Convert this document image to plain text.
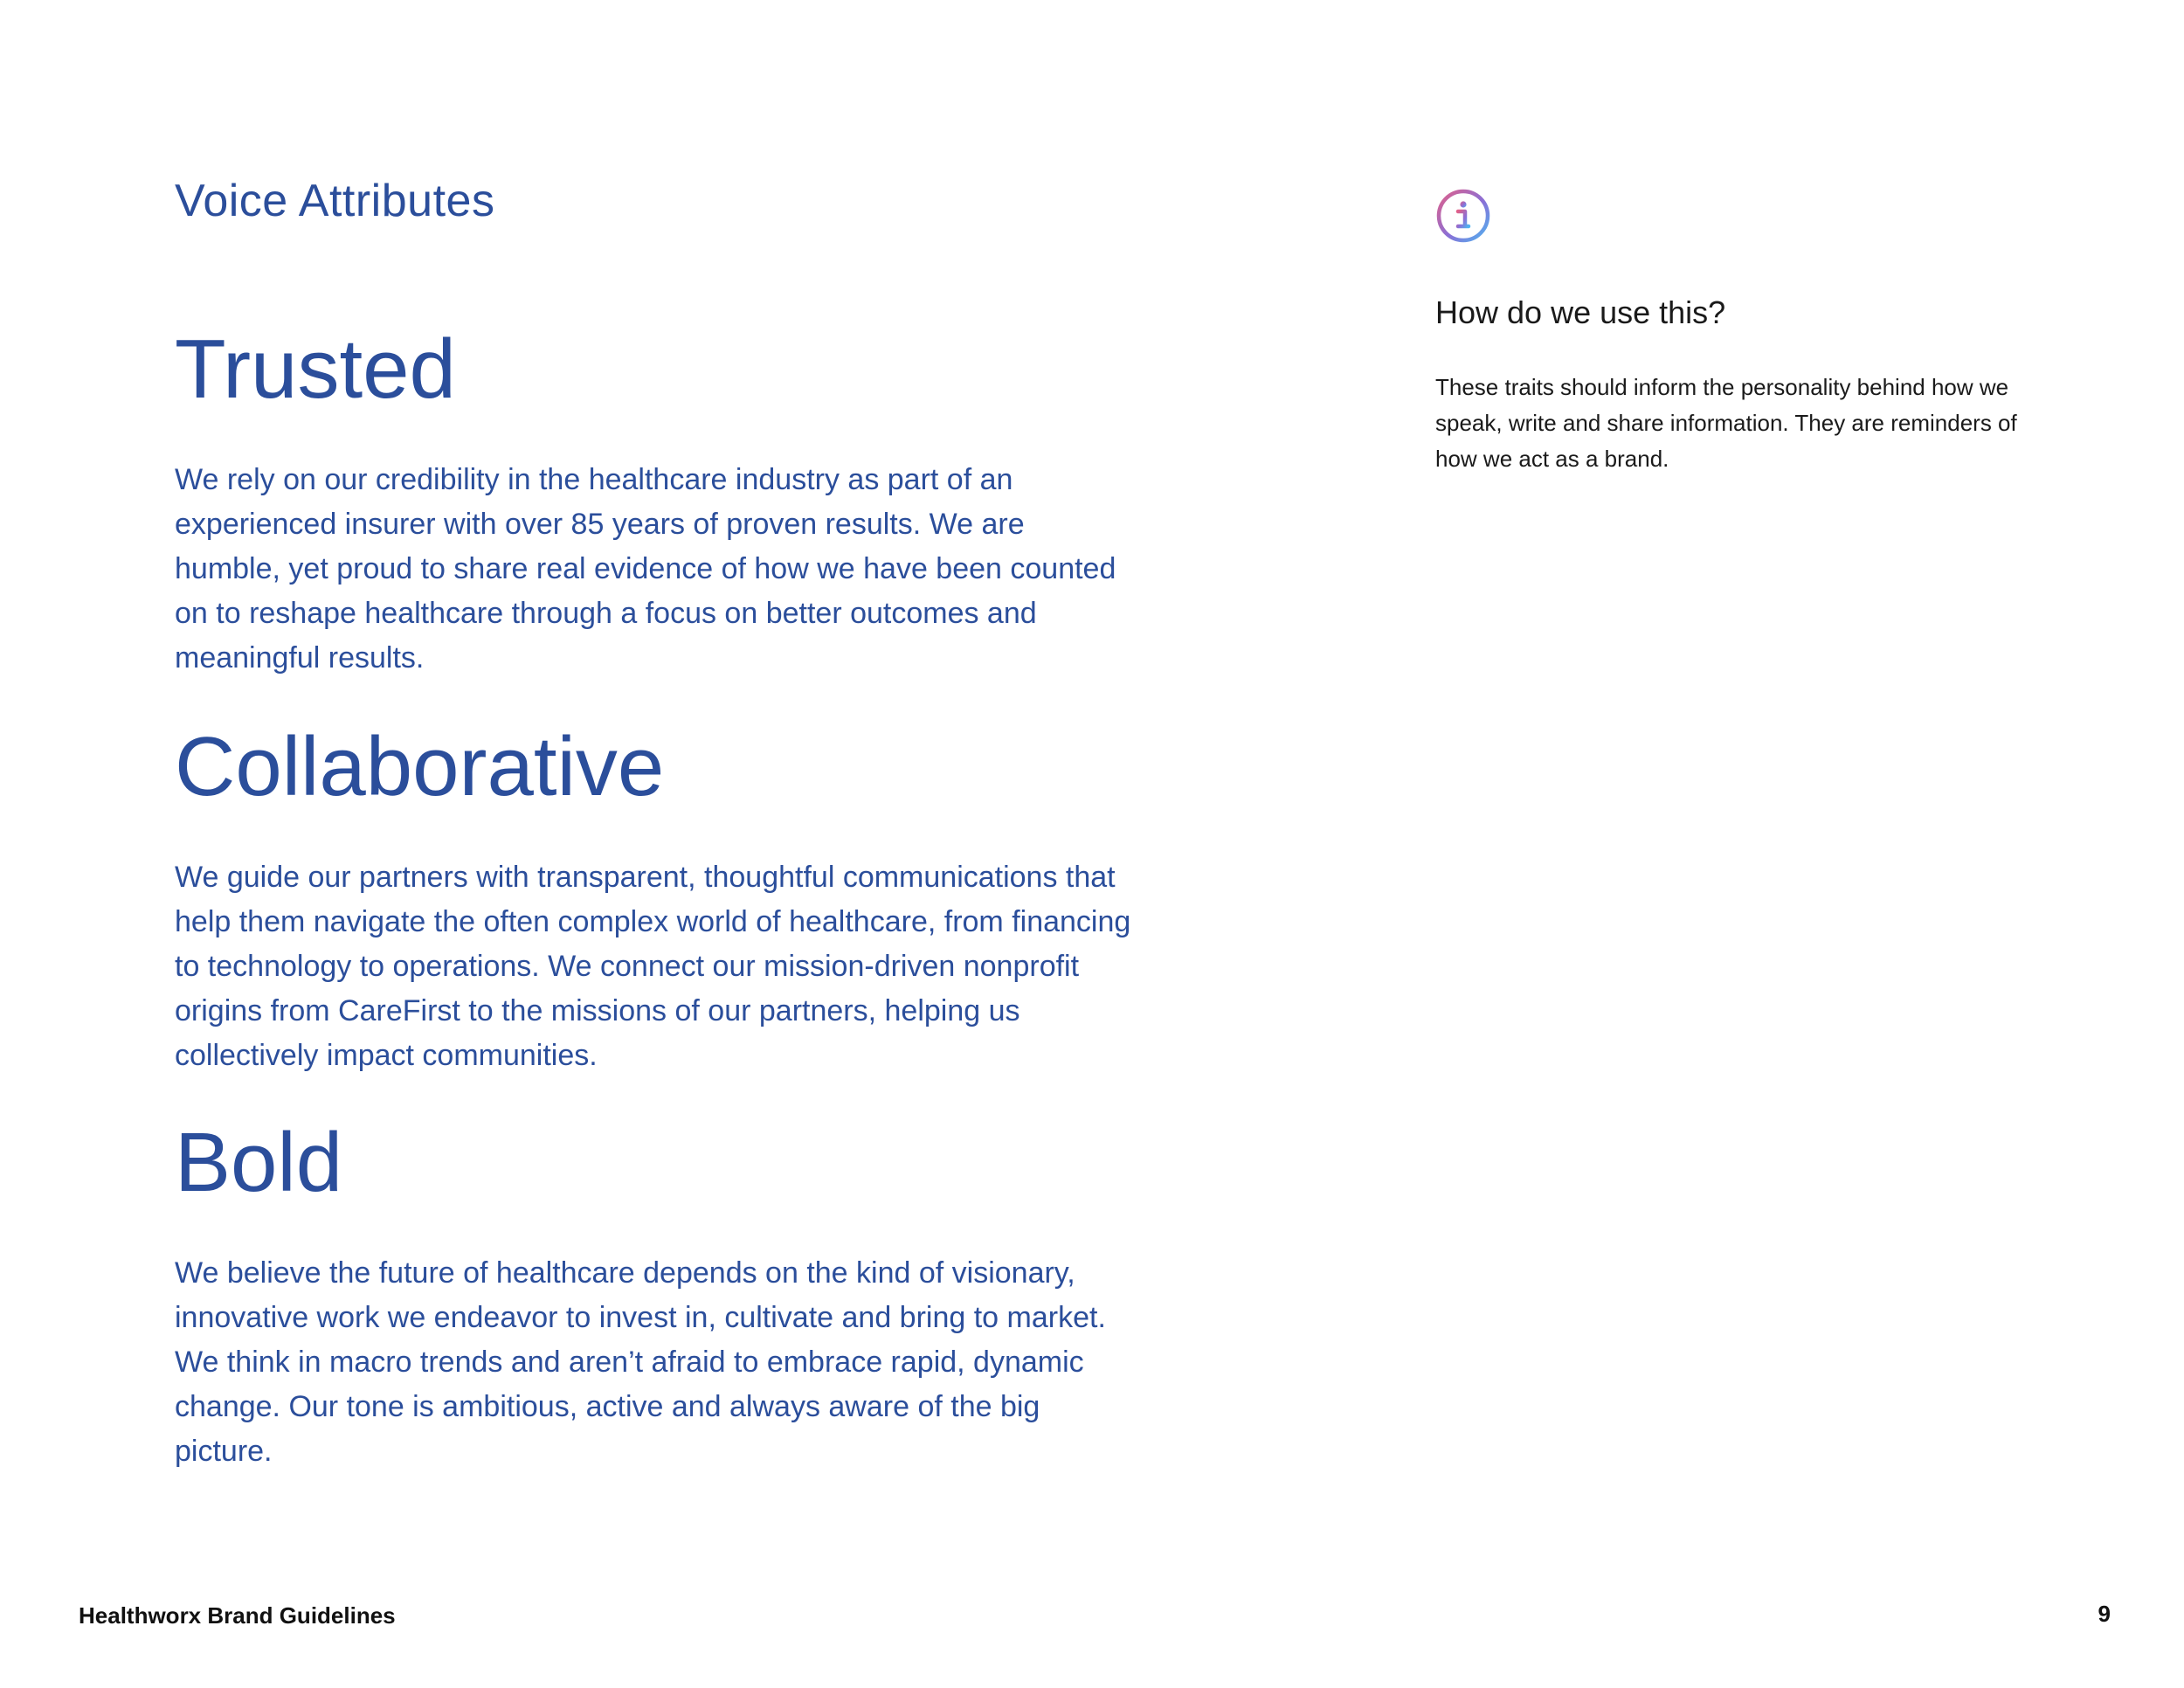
Voice Attributes
Trusted

We rely on our credibility in the healthcare industry as part of an experienced insurer with over 85 years of proven results. We are humble, yet proud to share real evidence of how we have been counted on to reshape healthcare through a focus on better outcomes and meaningful results.

Collaborative

We guide our partners with transparent, thoughtful communications that help them navigate the often complex world of healthcare, from financing to technology to operations. We connect our mission-driven nonprofit origins from CareFirst to the missions of our partners, helping us collectively impact communities.

Bold

We believe the future of healthcare depends on the kind of visionary, innovative work we endeavor to invest in, cultivate and bring to market. We think in macro trends and aren’t afraid to embrace rapid, dynamic change. Our tone is ambitious, active and always aware of the big picture.

How do we use this?

These traits should inform the personality behind how we speak, write and share information. They are reminders of how we act as a brand.

Healthworx Brand Guidelines	9
